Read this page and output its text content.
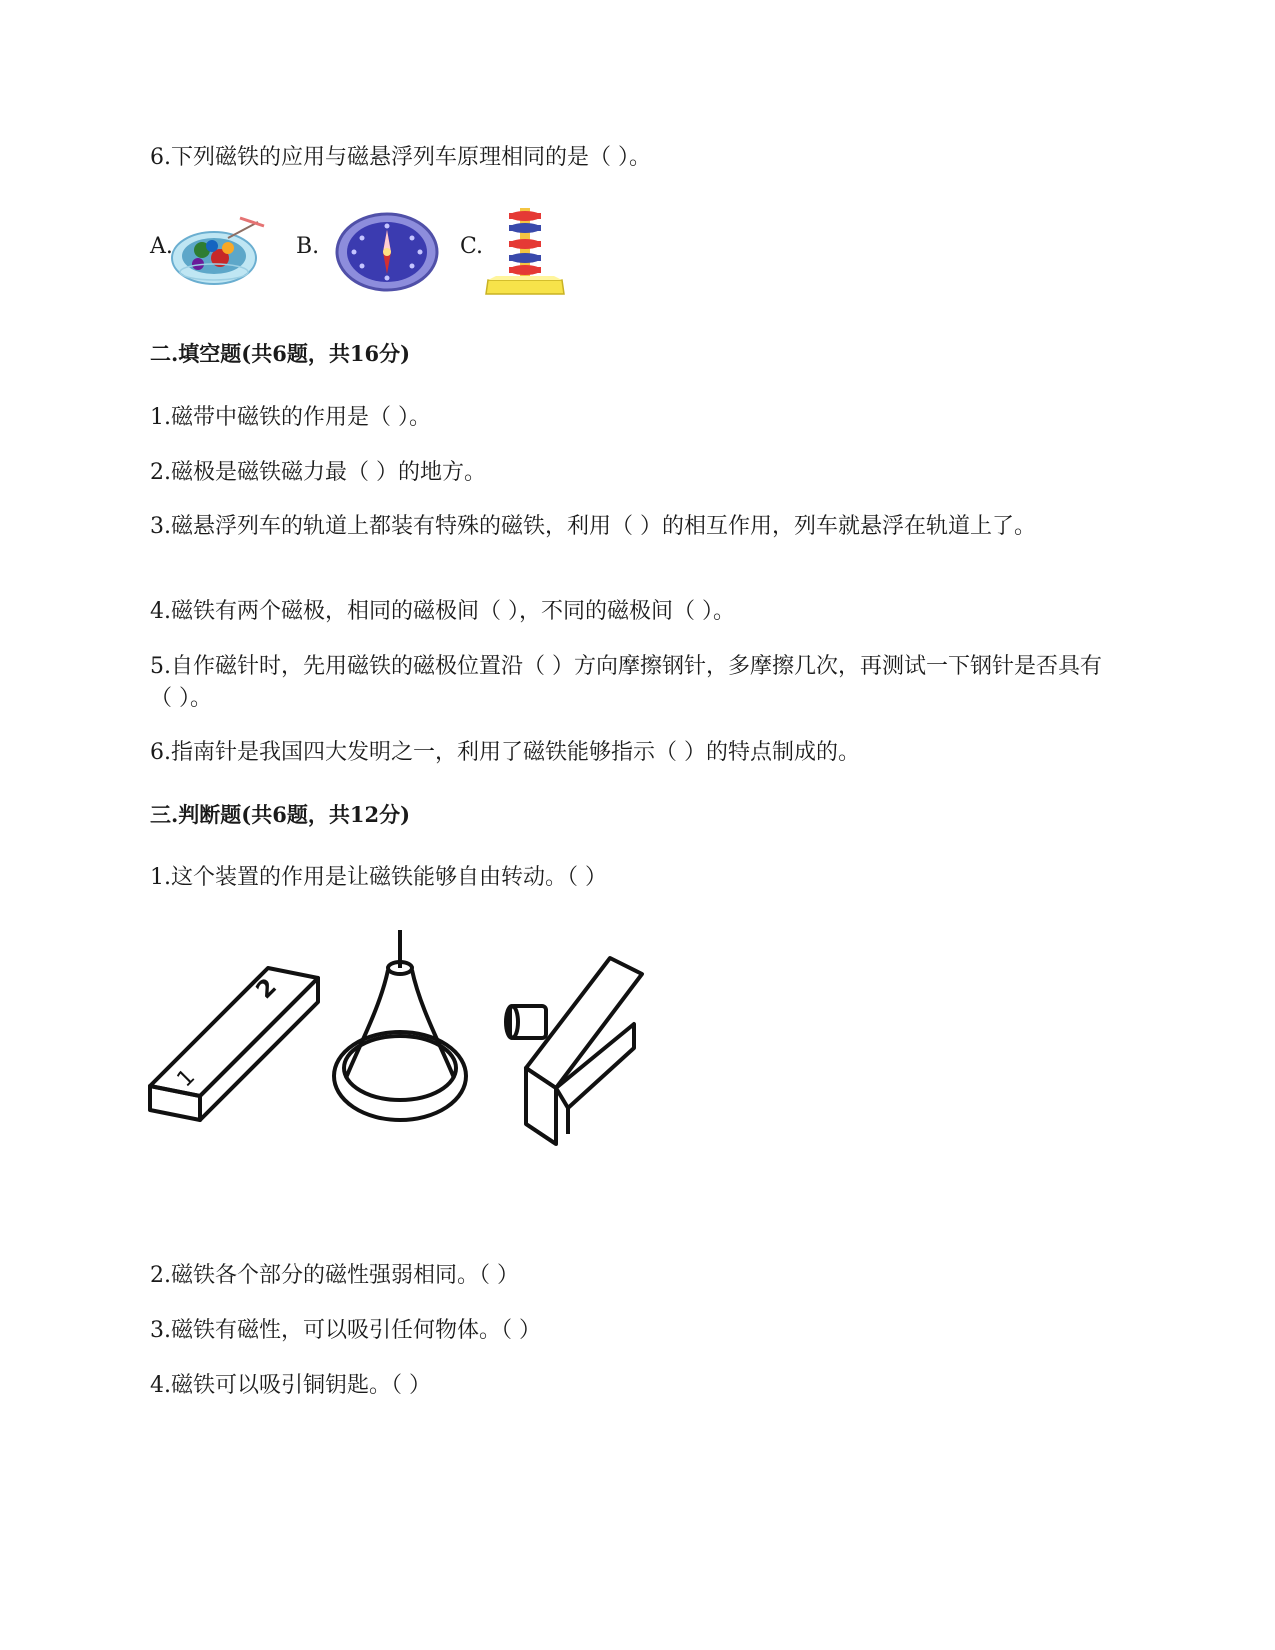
6.下列磁铁的应用与磁悬浮列车原理相同的是（ ）。
A.	B.	C.
二.填空题(共6题，共16分)
1.磁带中磁铁的作用是（ ）。
2.磁极是磁铁磁力最（ ）的地方。
3.磁悬浮列车的轨道上都装有特殊的磁铁，利用（ ）的相互作用，列车就悬浮在轨道上了。
4.磁铁有两个磁极，相同的磁极间（ ），不同的磁极间（ ）。
5.自作磁针时，先用磁铁的磁极位置沿（ ）方向摩擦钢针，多摩擦几次，再测试一下钢针是否具有（ ）。
6.指南针是我国四大发明之一，利用了磁铁能够指示（ ）的特点制成的。
三.判断题(共6题，共12分)
1.这个装置的作用是让磁铁能够自由转动。（ ）
1
2
2.磁铁各个部分的磁性强弱相同。（ ）
3.磁铁有磁性，可以吸引任何物体。（ ）
4.磁铁可以吸引铜钥匙。（ ）
